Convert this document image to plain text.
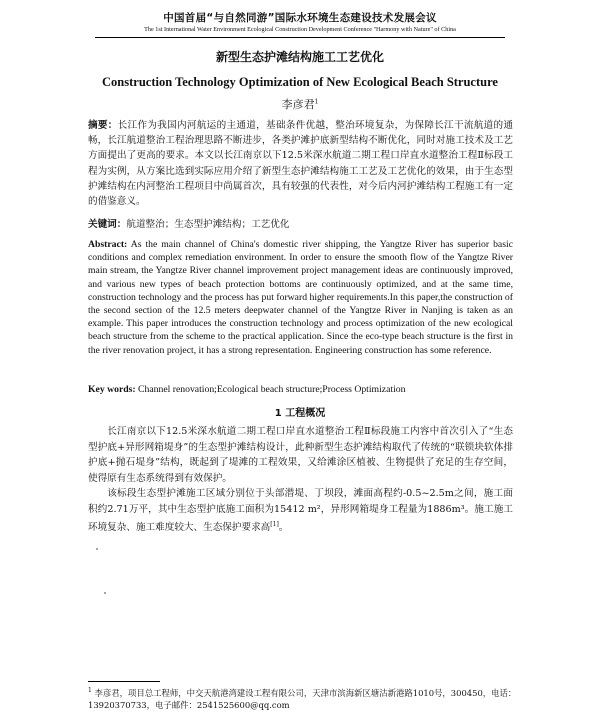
中国首届“与自然同游”国际水环境生态建设技术发展会议
The 1st International Water Environment Ecological Construction Development Conference "Harmony with Nature" of China
新型生态护滩结构施工工艺优化
Construction Technology Optimization of New Ecological Beach Structure
李彦君$^1$
摘要：长江作为我国内河航运的主通道，基础条件优越，整治环境复杂，为保障长江干流航道的通畅，长江航道整治工程治理思路不断进步，各类护滩护底新型结构不断优化，同时对施工技术及工艺方面提出了更高的要求。本文以长江南京以下12.5米深水航道二期工程口岸直水道整治工程Ⅱ标段工程为实例，从方案比选到实际应用介绍了新型生态护滩结构施工工艺及工艺优化的效果，由于生态型护滩结构在内河整治工程项目中尚属首次，具有较强的代表性，对今后内河护滩结构工程施工有一定的借鉴意义。
关键词：航道整治；生态型护滩结构；工艺优化
Abstract: As the main channel of China's domestic river shipping, the Yangtze River has superior basic conditions and complex remediation environment. In order to ensure the smooth flow of the Yangtze River main stream, the Yangtze River channel improvement project management ideas are continuously improved, and various new types of beach protection bottoms are continuously optimized, and at the same time, construction technology and the process has put forward higher requirements.In this paper,the construction of the second section of the 12.5 meters deepwater channel of the Yangtze River in Nanjing is taken as an example. This paper introduces the construction technology and process optimization of the new ecological beach structure from the scheme to the practical application. Since the eco-type beach structure is the first in the river renovation project, it has a strong representation. Engineering construction has some reference.
Key words: Channel renovation;Ecological beach structure;Process Optimization
1 工程概况
长江南京以下12.5米深水航道二期工程口岸直水道整治工程Ⅱ标段施工内容中首次引入了“生态型护底+异形网箱堤身”的生态型护滩结构设计，此种新型生态护滩结构取代了传统的“联锁块软体排护底+抛石堤身”结构，既起到了堤滩的工程效果，又给滩涂区植被、生物提供了充足的生存空间，使得原有生态系统得到有效保护。
该标段生态型护滩施工区域分别位于头部潜堤、丁坝段，滩面高程约-0.5~2.5m之间，施工面积约2.71万平，其中生态型护底施工面积为15412 m²，异形网箱堤身工程量为1886m³。施工施工环境复杂、施工难度较大、生态保护要求高[1]。
$^1$ 李彦君，项目总工程师，中交天航港湾建设工程有限公司，天津市滨海新区塘沽新港路1010号，300450，电话：13920370733，电子邮件：2541525600@qq.com
